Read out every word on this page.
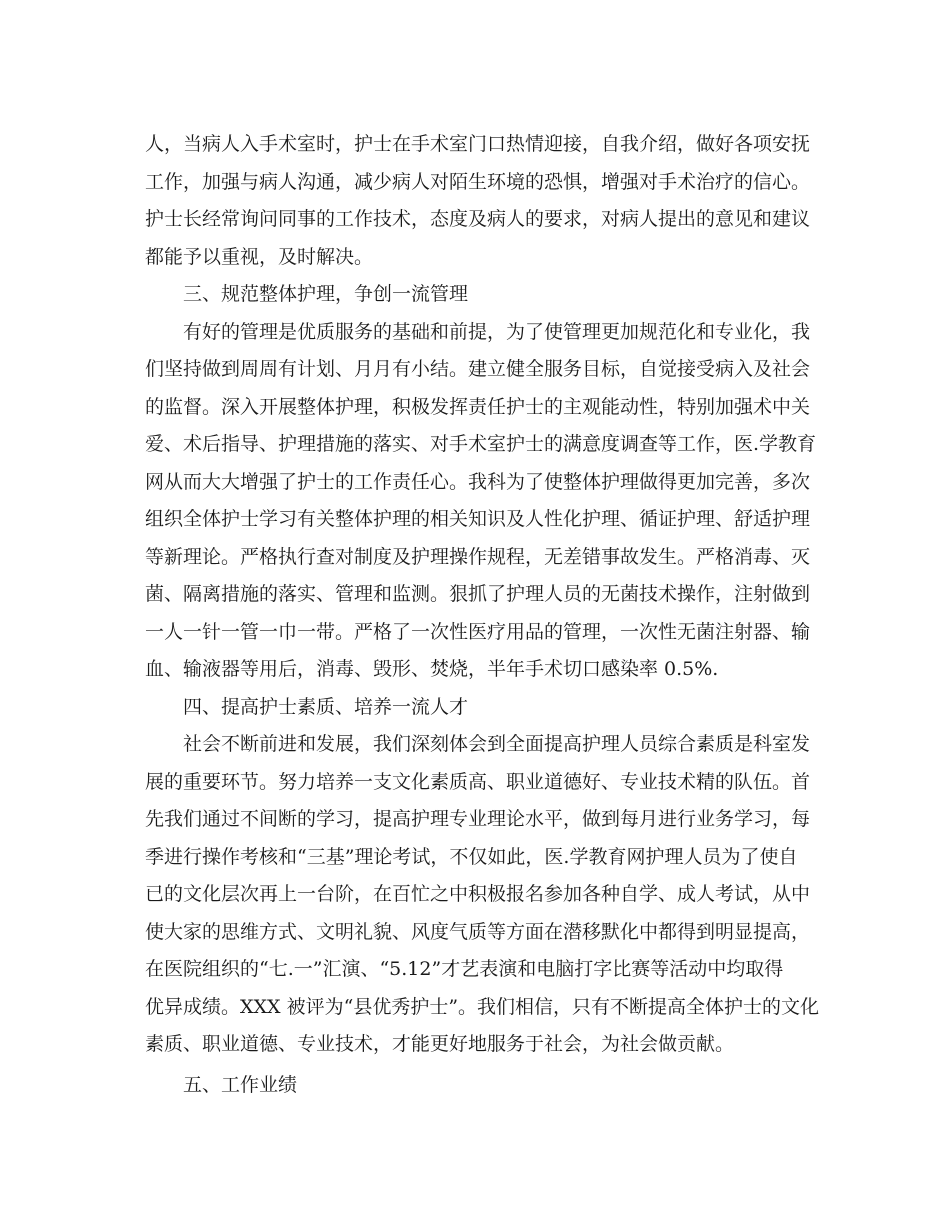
人，当病人入手术室时，护士在手术室门口热情迎接，自我介绍，做好各项安抚
工作，加强与病人沟通，减少病人对陌生环境的恐惧，增强对手术治疗的信心。
护士长经常询问同事的工作技术，态度及病人的要求，对病人提出的意见和建议
都能予以重视，及时解决。
三、规范整体护理，争创一流管理
有好的管理是优质服务的基础和前提，为了使管理更加规范化和专业化，我
们坚持做到周周有计划、月月有小结。建立健全服务目标，自觉接受病入及社会
的监督。深入开展整体护理，积极发挥责任护士的主观能动性，特别加强术中关
爱、术后指导、护理措施的落实、对手术室护士的满意度调查等工作，医.学教育
网从而大大增强了护士的工作责任心。我科为了使整体护理做得更加完善，多次
组织全体护士学习有关整体护理的相关知识及人性化护理、循证护理、舒适护理
等新理论。严格执行查对制度及护理操作规程，无差错事故发生。严格消毒、灭
菌、隔离措施的落实、管理和监测。狠抓了护理人员的无菌技术操作，注射做到
一人一针一管一巾一带。严格了一次性医疗用品的管理，一次性无菌注射器、输
血、输液器等用后，消毒、毁形、焚烧，半年手术切口感染率 0.5%.
四、提高护士素质、培养一流人才
社会不断前进和发展，我们深刻体会到全面提高护理人员综合素质是科室发
展的重要环节。努力培养一支文化素质高、职业道德好、专业技术精的队伍。首
先我们通过不间断的学习，提高护理专业理论水平，做到每月进行业务学习，每
季进行操作考核和“三基”理论考试，不仅如此，医.学教育网护理人员为了使自
已的文化层次再上一台阶，在百忙之中积极报名参加各种自学、成人考试，从中
使大家的思维方式、文明礼貌、风度气质等方面在潜移默化中都得到明显提高，
在医院组织的“七.一”汇演、“5.12”才艺表演和电脑打字比赛等活动中均取得
优异成绩。XXX 被评为“县优秀护士”。我们相信，只有不断提高全体护士的文化
素质、职业道德、专业技术，才能更好地服务于社会，为社会做贡献。
五、工作业绩
